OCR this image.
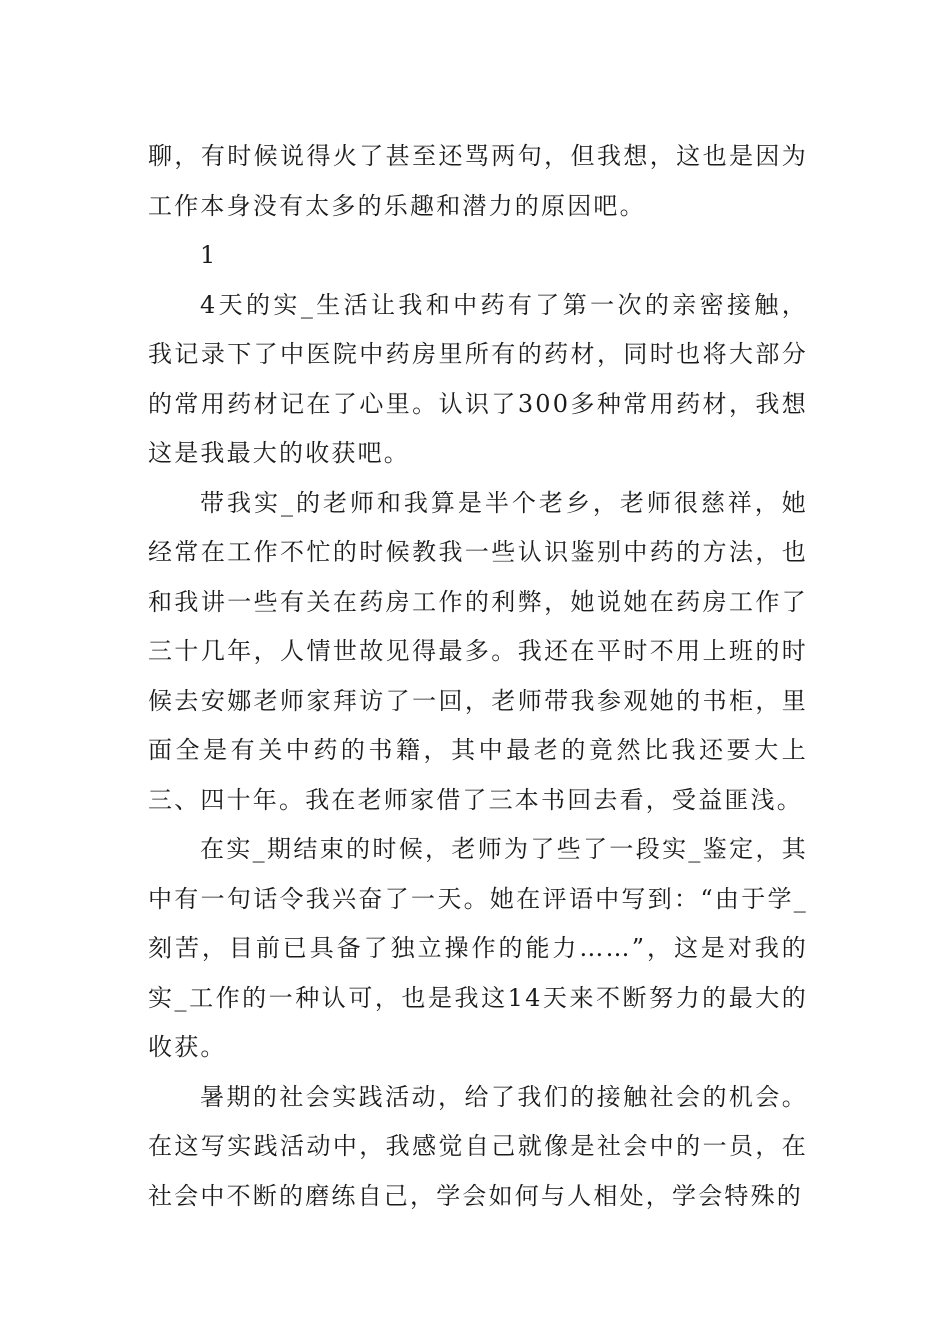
聊，有时候说得火了甚至还骂两句，但我想，这也是因为工作本身没有太多的乐趣和潜力的原因吧。

1

4天的实_生活让我和中药有了第一次的亲密接触，我记录下了中医院中药房里所有的药材，同时也将大部分的常用药材记在了心里。认识了300多种常用药材，我想这是我最大的收获吧。

带我实_的老师和我算是半个老乡，老师很慈祥，她经常在工作不忙的时候教我一些认识鉴别中药的方法，也和我讲一些有关在药房工作的利弊，她说她在药房工作了三十几年，人情世故见得最多。我还在平时不用上班的时候去安娜老师家拜访了一回，老师带我参观她的书柜，里面全是有关中药的书籍，其中最老的竟然比我还要大上三、四十年。我在老师家借了三本书回去看，受益匪浅。

在实_期结束的时候，老师为了些了一段实_鉴定，其中有一句话令我兴奋了一天。她在评语中写到：“由于学_刻苦，目前已具备了独立操作的能力……”，这是对我的实_工作的一种认可，也是我这14天来不断努力的最大的收获。

暑期的社会实践活动，给了我们的接触社会的机会。在这写实践活动中，我感觉自己就像是社会中的一员，在社会中不断的磨练自己，学会如何与人相处，学会特殊的
